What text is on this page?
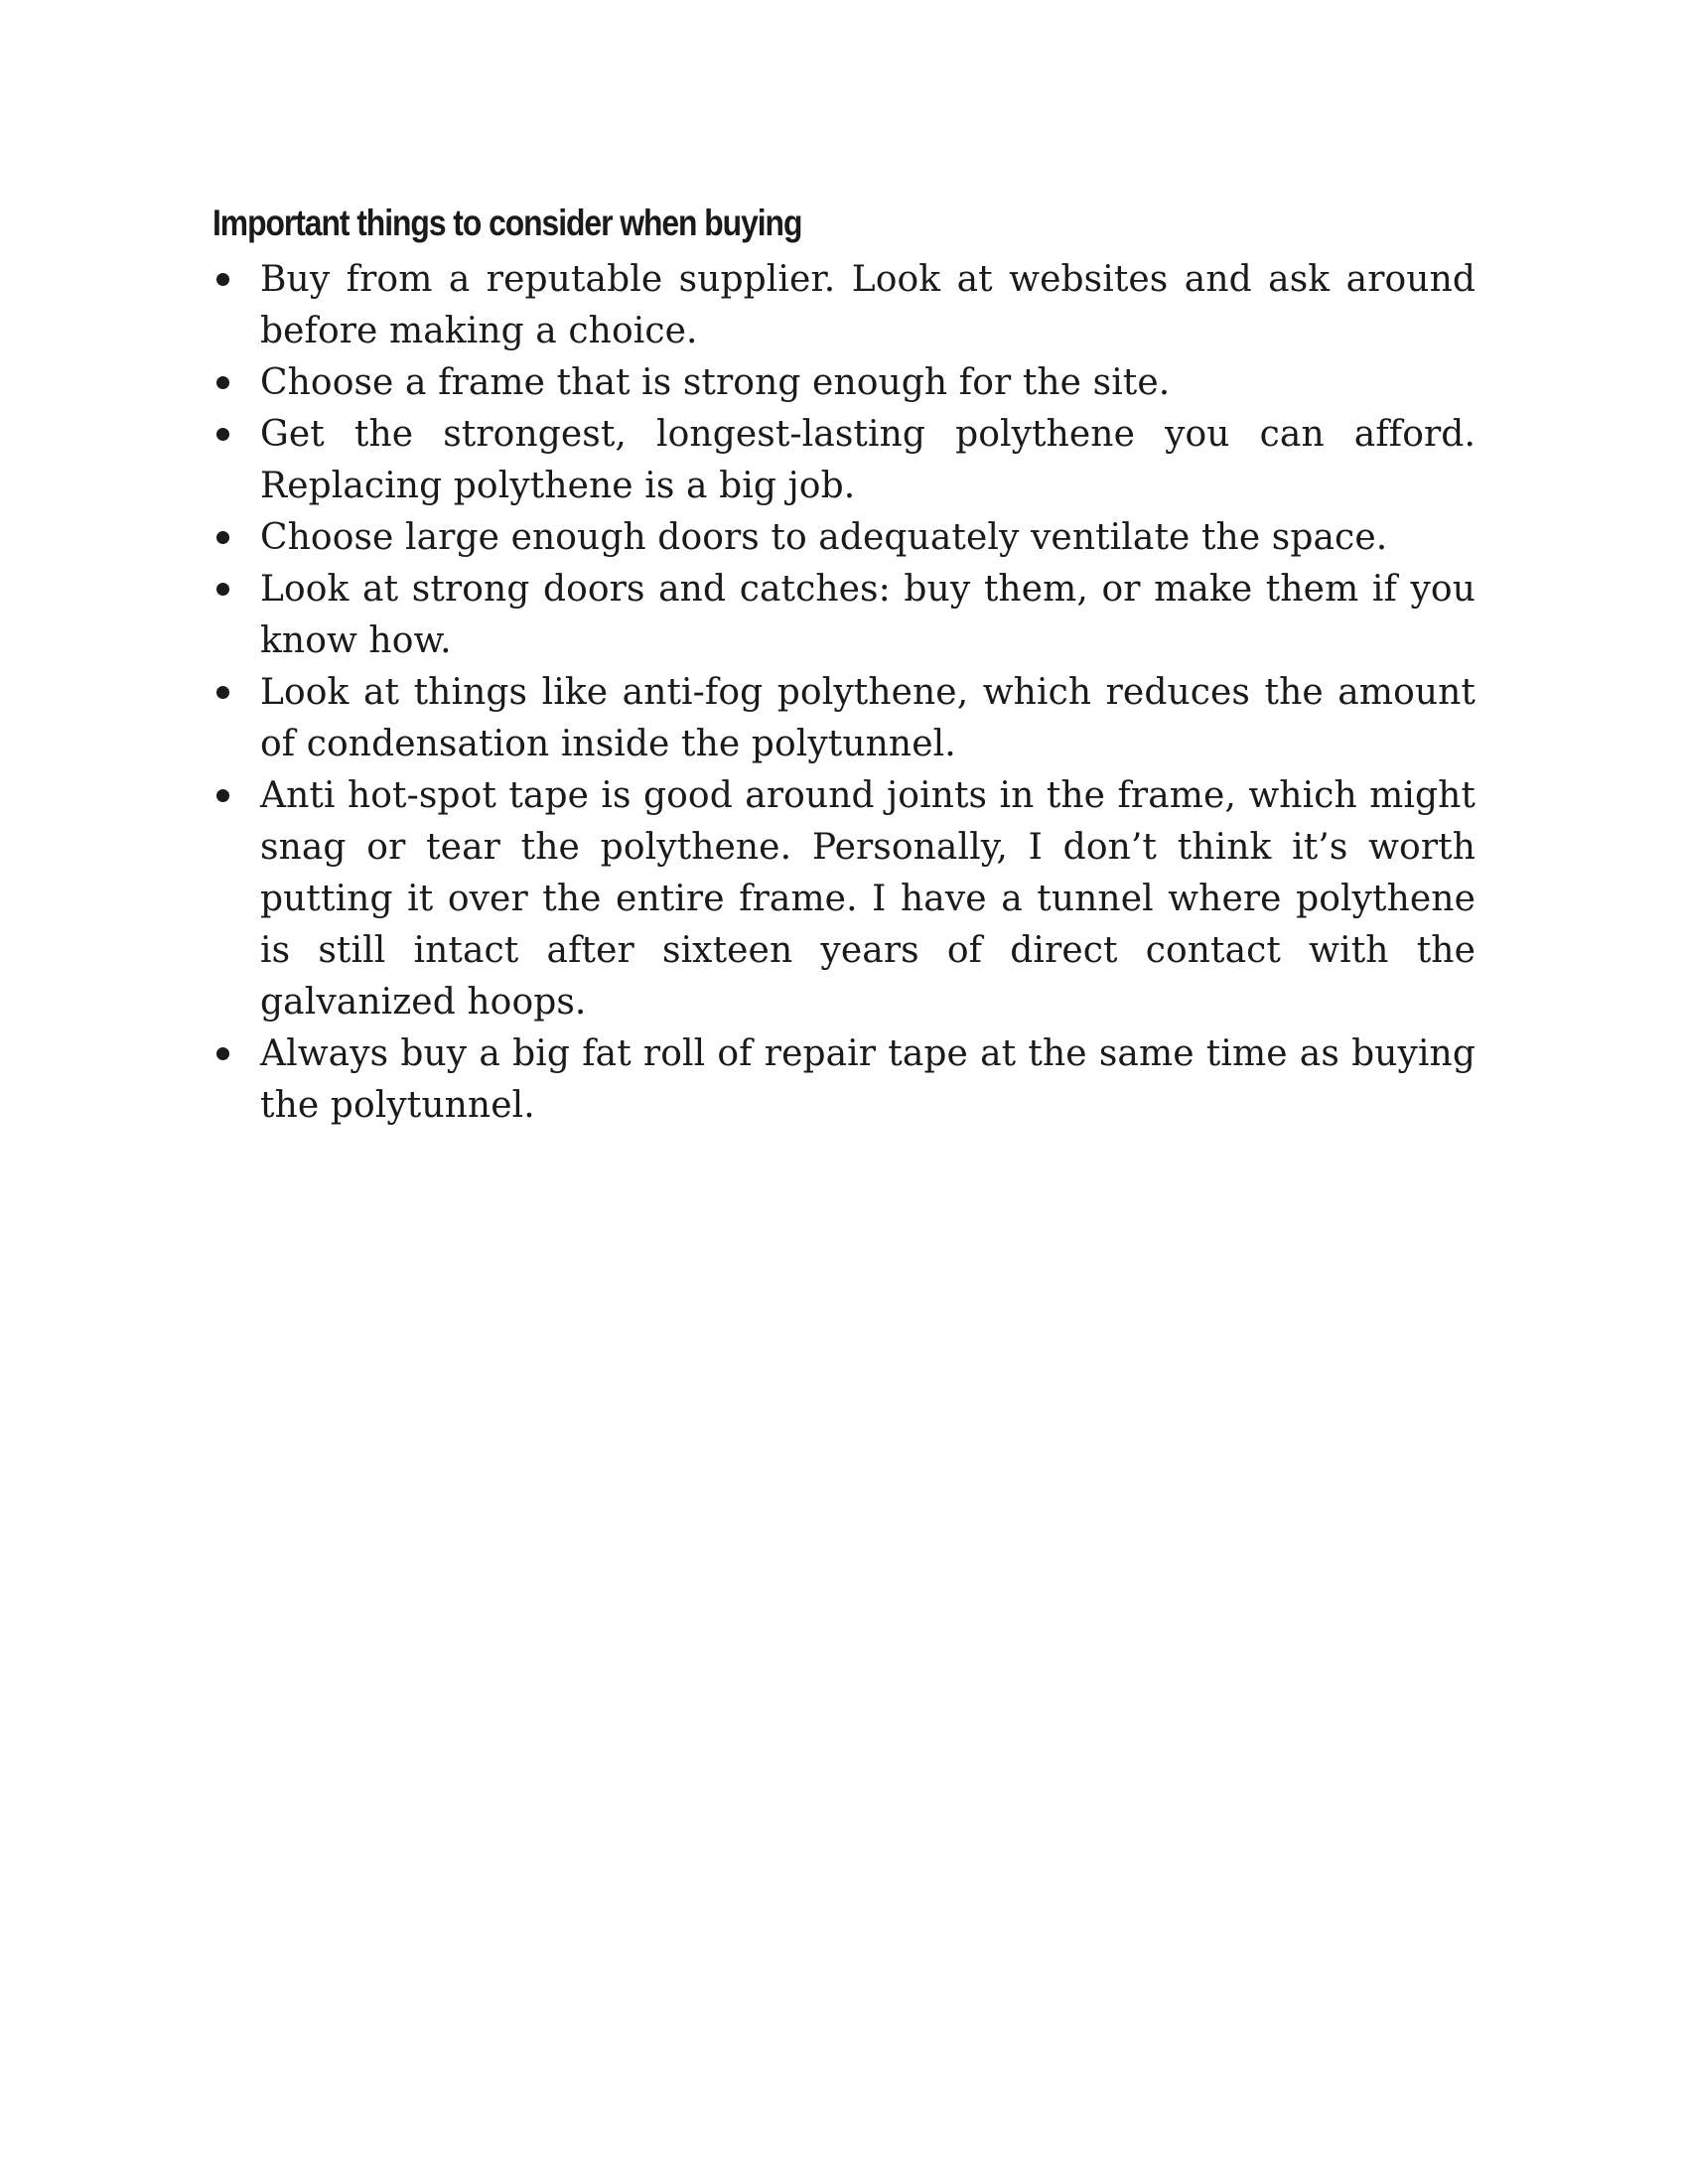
Important things to consider when buying
Buy from a reputable supplier. Look at websites and ask around before making a choice.
Choose a frame that is strong enough for the site.
Get the strongest, longest-lasting polythene you can afford. Replacing polythene is a big job.
Choose large enough doors to adequately ventilate the space.
Look at strong doors and catches: buy them, or make them if you know how.
Look at things like anti-fog polythene, which reduces the amount of condensation inside the polytunnel.
Anti hot-spot tape is good around joints in the frame, which might snag or tear the polythene. Personally, I don’t think it’s worth putting it over the entire frame. I have a tunnel where polythene is still intact after sixteen years of direct contact with the galvanized hoops.
Always buy a big fat roll of repair tape at the same time as buying the polytunnel.
